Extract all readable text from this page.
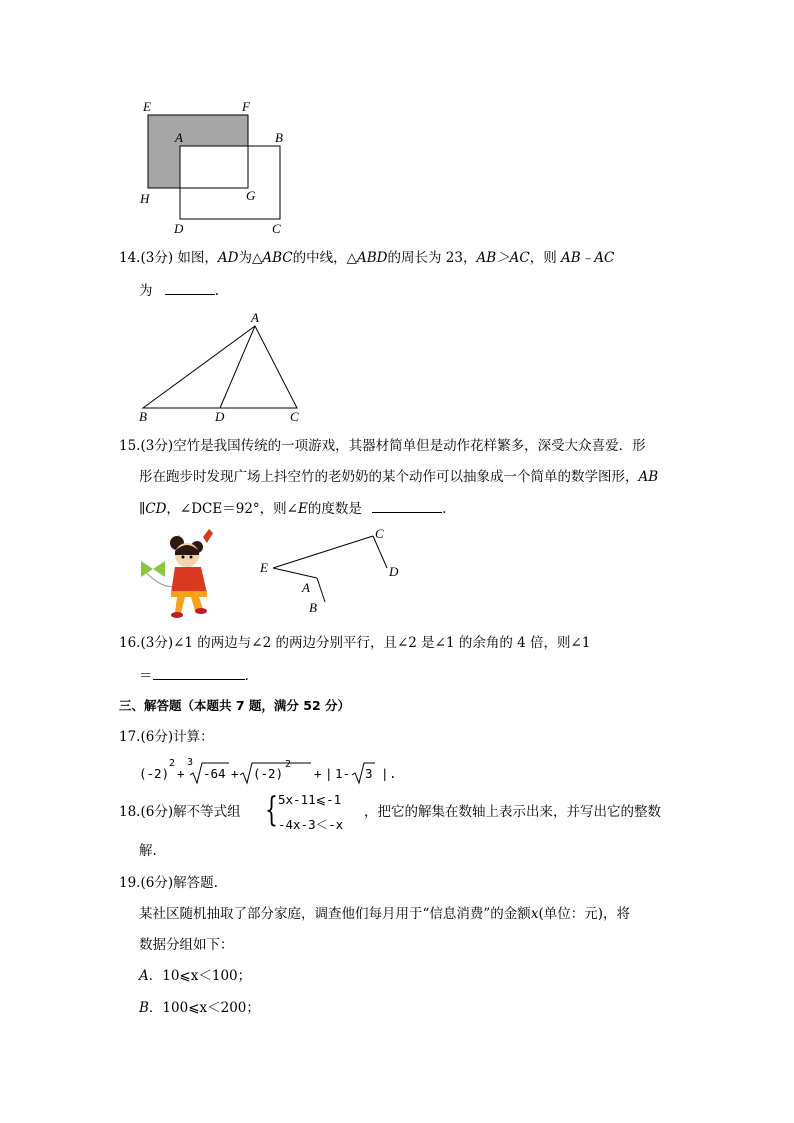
E	F
A	B
H	G
D	C
14.(3分) 如图，AD为△ABC的中线，△ABD的周长为 23，AB＞AC，则 AB﹣AC
为	.
A
B	D	C
15.(3分)空竹是我国传统的一项游戏，其器材简单但是动作花样繁多，深受大众喜爱．形
彤在跑步时发现广场上抖空竹的老奶奶的某个动作可以抽象成一个简单的数学图形，AB
∥CD，∠DCE＝92°，则∠E的度数是	.
C
E	D
A
B
16.(3分)∠1 的两边与∠2 的两边分别平行，且∠2 是∠1 的余角的 4 倍，则∠1
＝	.
三、解答题（本题共 7 题，满分 52 分）
17.(6分)计算：
(-2)
2
+
3
-64 + (-2)
2
+ | 1- 3 | .
18.(6分)解不等式组 { 5x-11⩽-1
-4x-3＜-x
，把它的解集在数轴上表示出来，并写出它的整数
解.
19.(6分)解答题.
某社区随机抽取了部分家庭，调查他们每月用于“信息消费”的金额x(单位：元)，将
数据分组如下：
A．10⩽x＜100；
B．100⩽x＜200；
